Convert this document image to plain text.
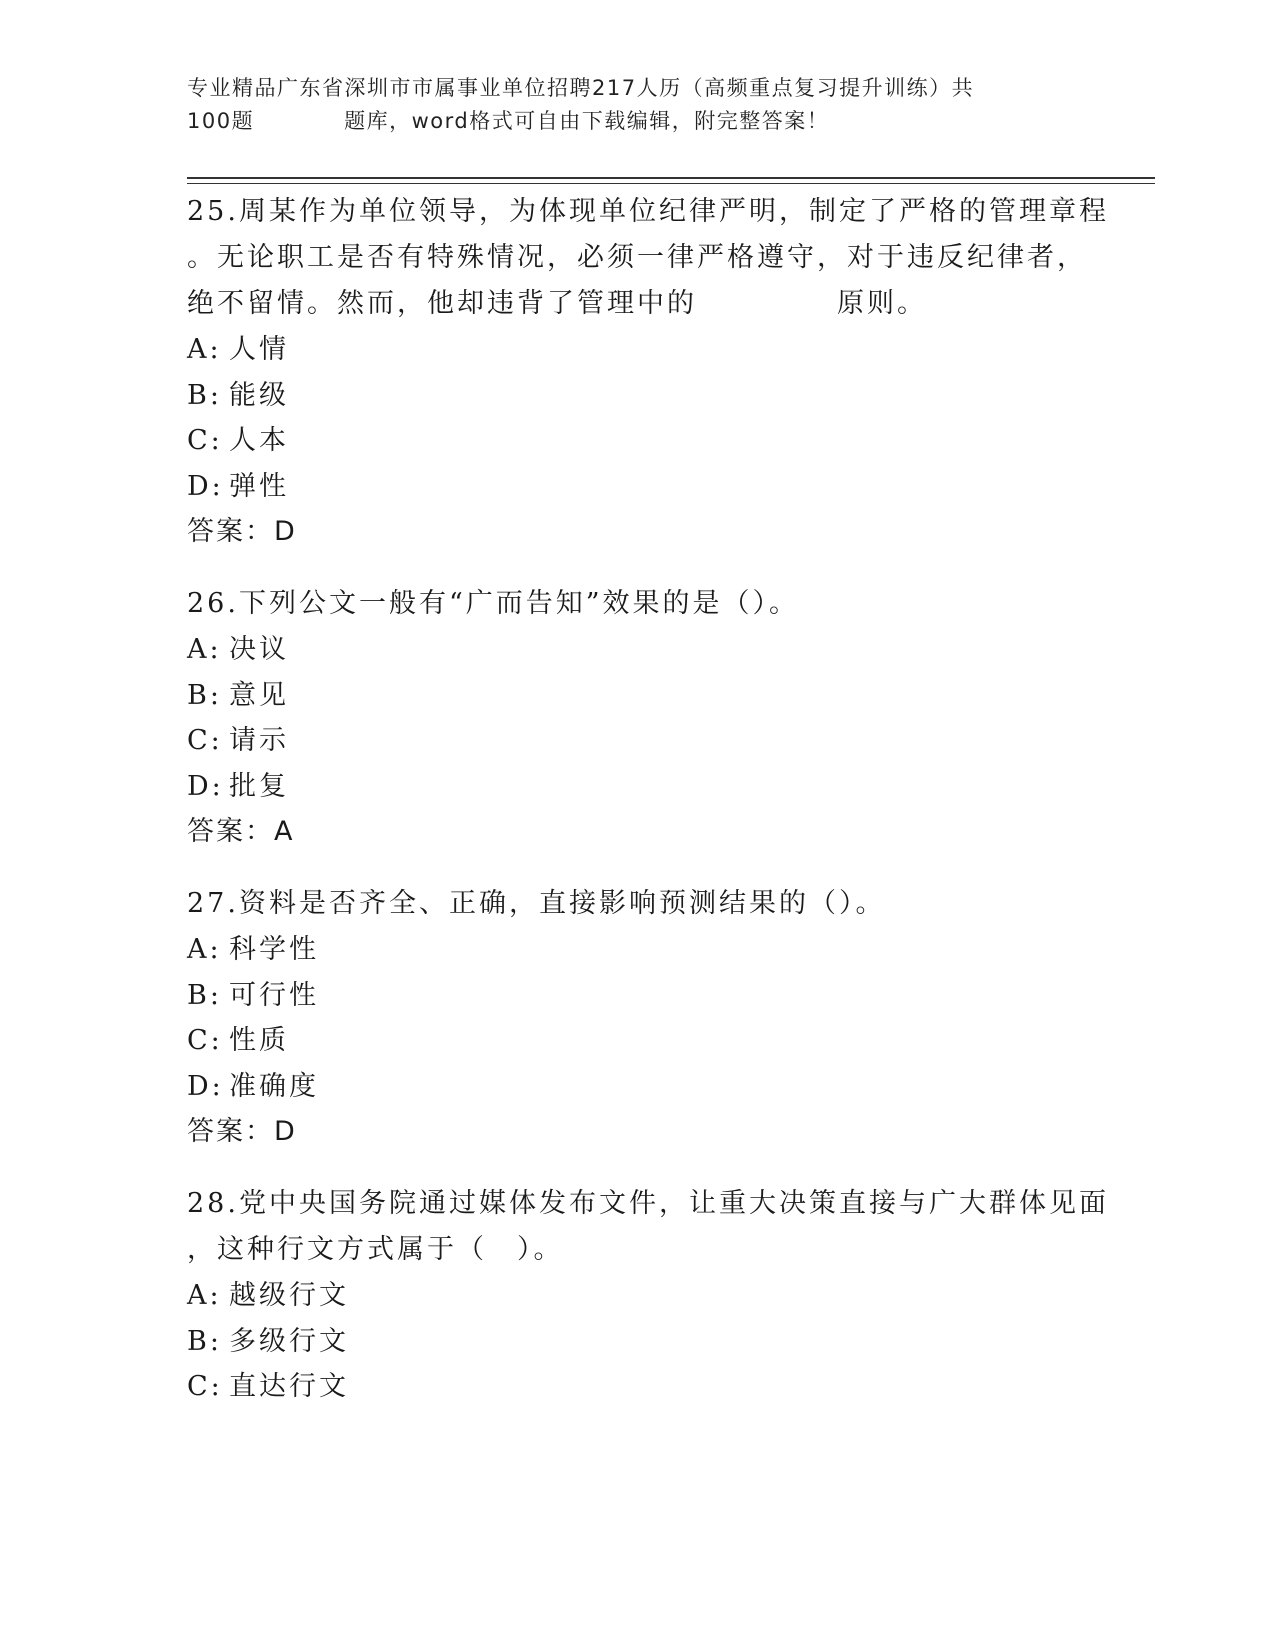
专业精品广东省深圳市市属事业单位招聘217人历（高频重点复习提升训练）共
100题	题库，word格式可自由下载编辑，附完整答案！
25.周某作为单位领导，为体现单位纪律严明，制定了严格的管理章程
。无论职工是否有特殊情况，必须一律严格遵守，对于违反纪律者，
绝不留情。然而，他却违背了管理中的	原则。
A: 人情
B: 能级
C: 人本
D: 弹性
答案：D
26.下列公文一般有“广而告知”效果的是（）。
A: 决议
B: 意见
C: 请示
D: 批复
答案：A
27.资料是否齐全、正确，直接影响预测结果的（）。
A: 科学性
B: 可行性
C: 性质
D: 准确度
答案：D
28.党中央国务院通过媒体发布文件，让重大决策直接与广大群体见面
，这种行文方式属于（　）。
A: 越级行文
B: 多级行文
C: 直达行文
